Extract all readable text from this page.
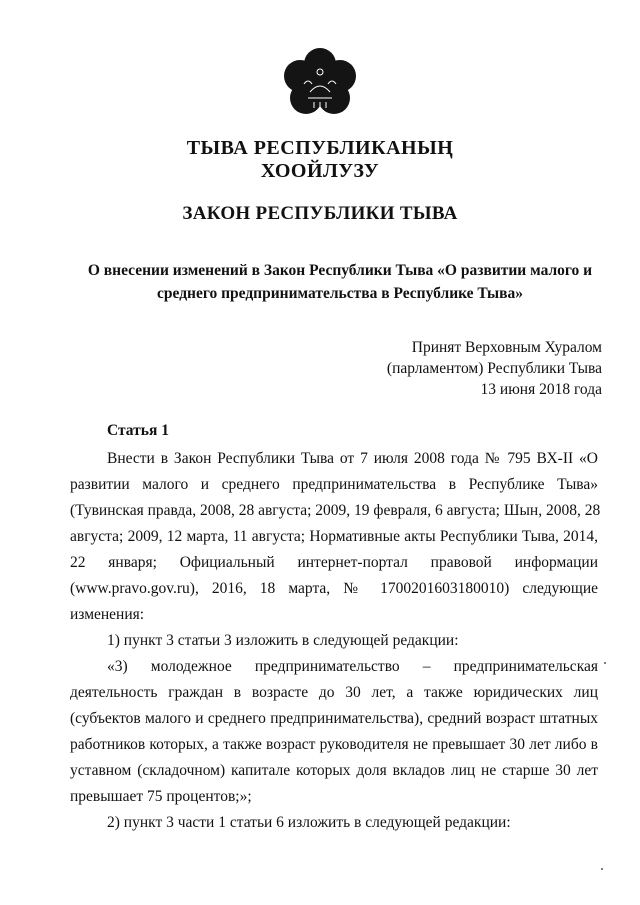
ТЫВА РЕСПУБЛИКАНЫҢ
ХООЙЛУЗУ
ЗАКОН РЕСПУБЛИКИ ТЫВА
О внесении изменений в Закон Республики Тыва «О развитии малого и
среднего предпринимательства в Республике Тыва»
Принят Верховным Хуралом
(парламентом) Республики Тыва
13 июня 2018 года
Статья 1
Внести в Закон Республики Тыва от 7 июля 2008 года № 795 ВХ-II «О
развитии малого и среднего предпринимательства в Республике Тыва»
(Тувинская правда, 2008, 28 августа; 2009, 19 февраля, 6 августа; Шын, 2008, 28
августа; 2009, 12 марта, 11 августа; Нормативные акты Республики Тыва, 2014,
22 января; Официальный интернет-портал правовой информации
(www.pravo.gov.ru), 2016, 18 марта, № 1700201603180010) следующие
изменения:
1) пункт 3 статьи 3 изложить в следующей редакции:
«3) молодежное предпринимательство – предпринимательская
деятельность граждан в возрасте до 30 лет, а также юридических лиц
(субъектов малого и среднего предпринимательства), средний возраст штатных
работников которых, а также возраст руководителя не превышает 30 лет либо в
уставном (складочном) капитале которых доля вкладов лиц не старше 30 лет
превышает 75 процентов;»;
2) пункт 3 части 1 статьи 6 изложить в следующей редакции:
